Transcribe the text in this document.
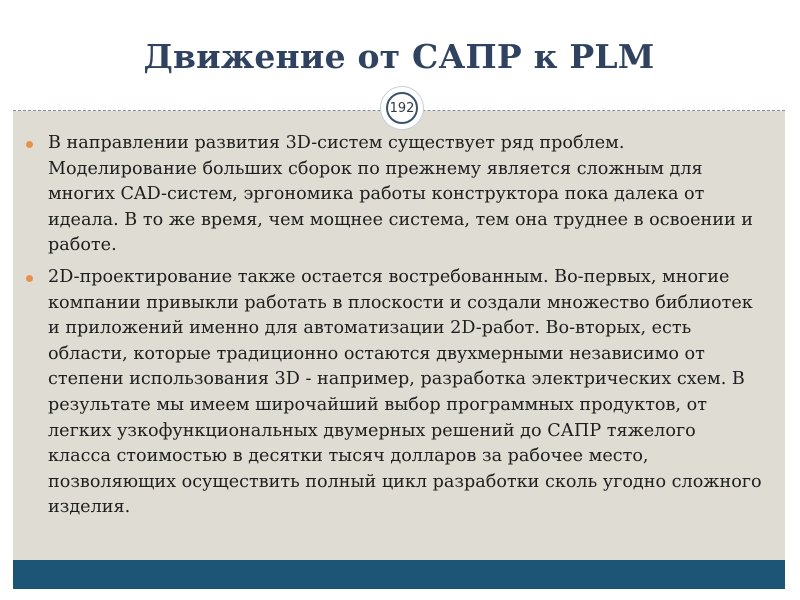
Движение от САПР к PLM
192
В направлении развития 3D-систем существует ряд проблем. Моделирование больших сборок по прежнему является сложным для многих CAD-систем, эргономика работы конструктора пока далека от идеала. В то же время, чем мощнее система, тем она труднее в освоении и работе.
2D-проектирование также остается востребованным. Во-первых, многие компании привыкли работать в плоскости и создали множество библиотек и приложений именно для автоматизации 2D-работ. Во-вторых, есть области, которые традиционно остаются двухмерными независимо от степени использования 3D - например, разработка электрических схем. В результате мы имеем широчайший выбор программных продуктов, от легких узкофункциональных двумерных решений до САПР тяжелого класса стоимостью в десятки тысяч долларов за рабочее место, позволяющих осуществить полный цикл разработки сколь угодно сложного изделия.
